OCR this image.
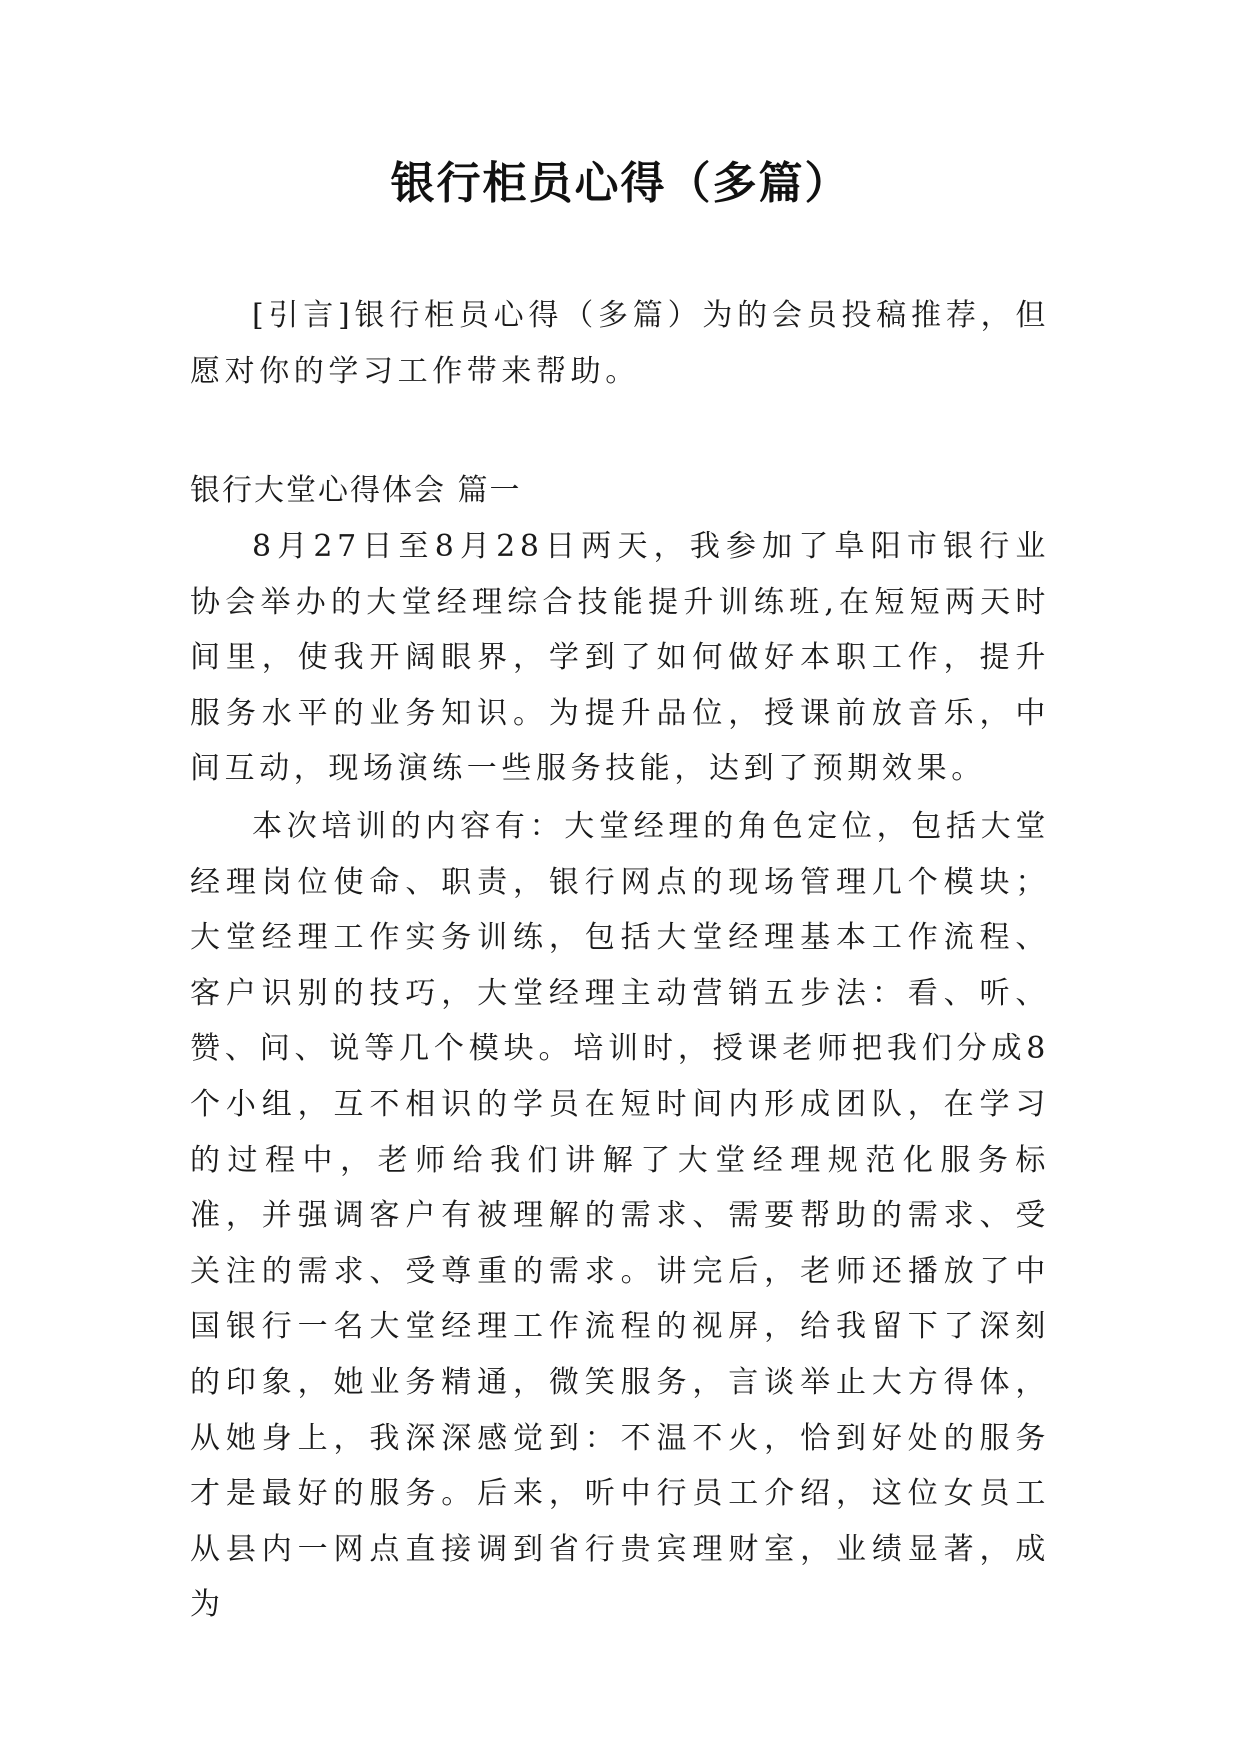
银行柜员心得（多篇）

[引言]银行柜员心得（多篇）为的会员投稿推荐，但愿对你的学习工作带来帮助。

银行大堂心得体会 篇一

8月27日至8月28日两天，我参加了阜阳市银行业协会举办的大堂经理综合技能提升训练班,在短短两天时间里，使我开阔眼界，学到了如何做好本职工作，提升服务水平的业务知识。为提升品位，授课前放音乐，中间互动，现场演练一些服务技能，达到了预期效果。

本次培训的内容有：大堂经理的角色定位，包括大堂经理岗位使命、职责，银行网点的现场管理几个模块；大堂经理工作实务训练，包括大堂经理基本工作流程、客户识别的技巧，大堂经理主动营销五步法：看、听、赞、问、说等几个模块。培训时，授课老师把我们分成8个小组，互不相识的学员在短时间内形成团队，在学习的过程中，老师给我们讲解了大堂经理规范化服务标准，并强调客户有被理解的需求、需要帮助的需求、受关注的需求、受尊重的需求。讲完后，老师还播放了中国银行一名大堂经理工作流程的视屏，给我留下了深刻的印象，她业务精通，微笑服务，言谈举止大方得体，从她身上，我深深感觉到：不温不火，恰到好处的服务才是最好的服务。后来，听中行员工介绍，这位女员工从县内一网点直接调到省行贵宾理财室，业绩显著，成为
